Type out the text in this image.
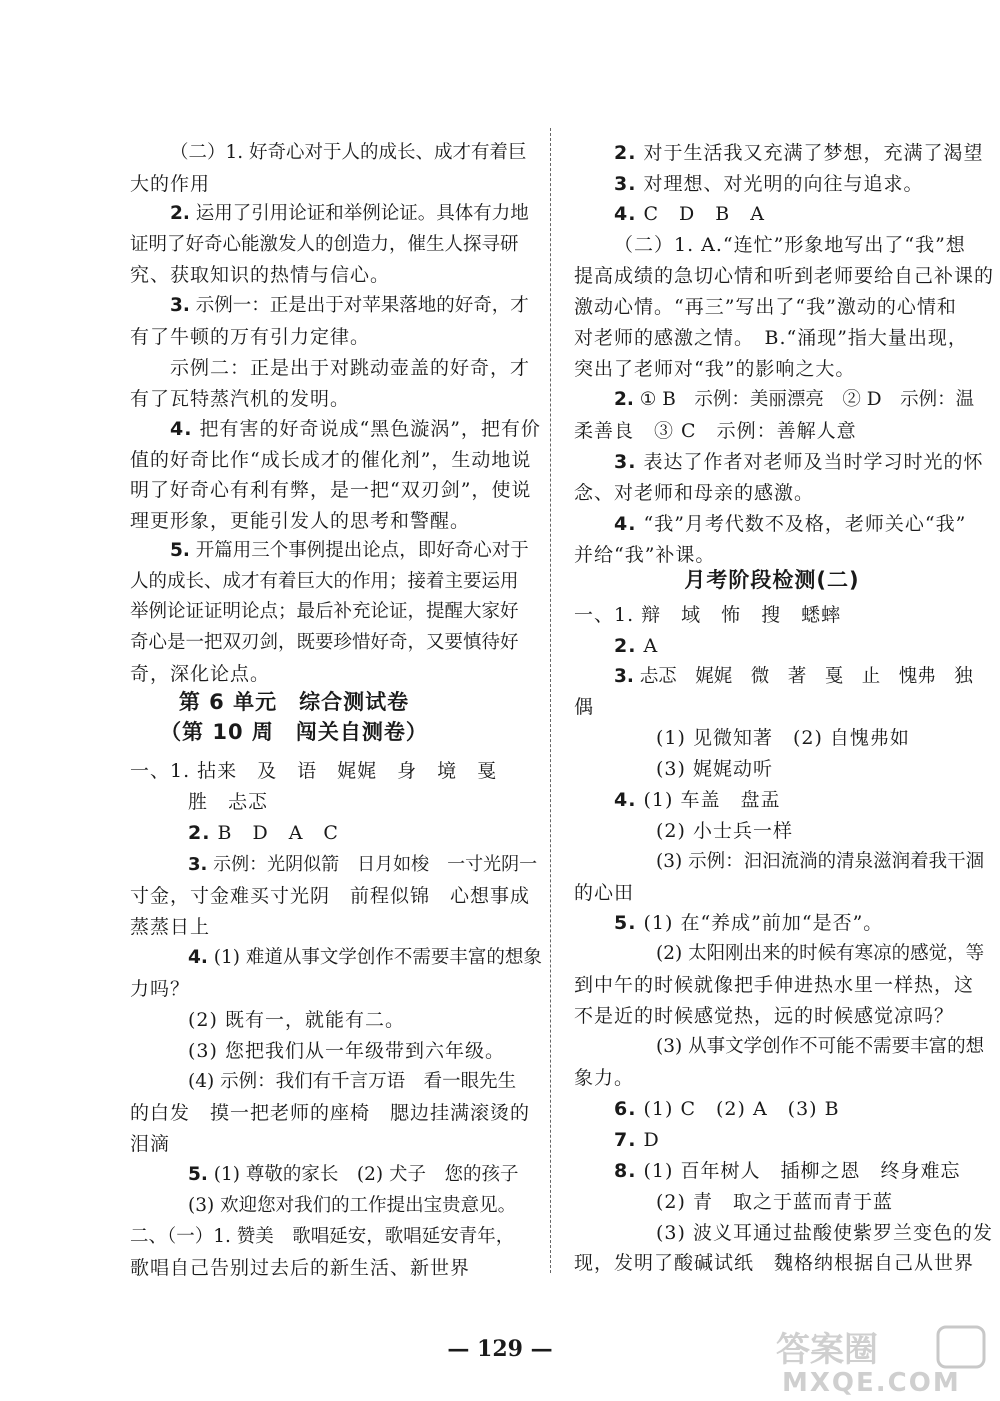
（二）1. 好奇心对于人的成长、成才有着巨
大的作用
2. 运用了引用论证和举例论证。具体有力地
证明了好奇心能激发人的创造力，催生人探寻研
究、获取知识的热情与信心。
3. 示例一：正是出于对苹果落地的好奇，才
有了牛顿的万有引力定律。
示例二：正是出于对跳动壶盖的好奇，才
有了瓦特蒸汽机的发明。
4. 把有害的好奇说成“黑色漩涡”，把有价
值的好奇比作“成长成才的催化剂”，生动地说
明了好奇心有利有弊，是一把“双刃剑”，使说
理更形象，更能引发人的思考和警醒。
5. 开篇用三个事例提出论点，即好奇心对于
人的成长、成才有着巨大的作用；接着主要运用
举例论证证明论点；最后补充论证，提醒大家好
奇心是一把双刃剑，既要珍惜好奇，又要慎待好
奇，深化论点。
第 6 单元　综合测试卷
（第 10 周　闯关自测卷）
一、1. 拈来　及　语　娓娓　身　境　戛
胜　忐忑
2. B　D　A　C
3. 示例：光阴似箭　日月如梭　一寸光阴一
寸金，寸金难买寸光阴　前程似锦　心想事成
蒸蒸日上
4. (1) 难道从事文学创作不需要丰富的想象
力吗？
(2) 既有一，就能有二。
(3) 您把我们从一年级带到六年级。
(4) 示例：我们有千言万语　看一眼先生
的白发　摸一把老师的座椅　腮边挂满滚烫的
泪滴
5. (1) 尊敬的家长　(2) 犬子　您的孩子
(3) 欢迎您对我们的工作提出宝贵意见。
二、（一）1. 赞美　歌唱延安，歌唱延安青年，
歌唱自己告别过去后的新生活、新世界
2. 对于生活我又充满了梦想，充满了渴望
3. 对理想、对光明的向往与追求。
4. C　D　B　A
（二）1. A.“连忙”形象地写出了“我”想
提高成绩的急切心情和听到老师要给自己补课的
激动心情。“再三”写出了“我”激动的心情和
对老师的感激之情。　B.“涌现”指大量出现，
突出了老师对“我”的影响之大。
2. ① B　示例：美丽漂亮　② D　示例：温
柔善良　③ C　示例：善解人意
3. 表达了作者对老师及当时学习时光的怀
念、对老师和母亲的感激。
4. “我”月考代数不及格，老师关心“我”
并给“我”补课。
月考阶段检测(二)
一、1. 辩　域　怖　搜　蟋蟀
2. A
3. 忐忑　娓娓　微　著　戛　止　愧弗　独
偶
(1) 见微知著　(2) 自愧弗如
(3) 娓娓动听
4. (1) 车盖　盘盂
(2) 小士兵一样
(3) 示例：汩汩流淌的清泉滋润着我干涸
的心田
5. (1) 在“养成”前加“是否”。
(2) 太阳刚出来的时候有寒凉的感觉，等
到中午的时候就像把手伸进热水里一样热，这
不是近的时候感觉热，远的时候感觉凉吗？
(3) 从事文学创作不可能不需要丰富的想
象力。
6. (1) C　(2) A　(3) B
7. D
8. (1) 百年树人　插柳之恩　终身难忘
(2) 青　取之于蓝而青于蓝
(3) 波义耳通过盐酸使紫罗兰变色的发
现，发明了酸碱试纸　魏格纳根据自己从世界
— 129 —	答案圈
MXQE.COM
